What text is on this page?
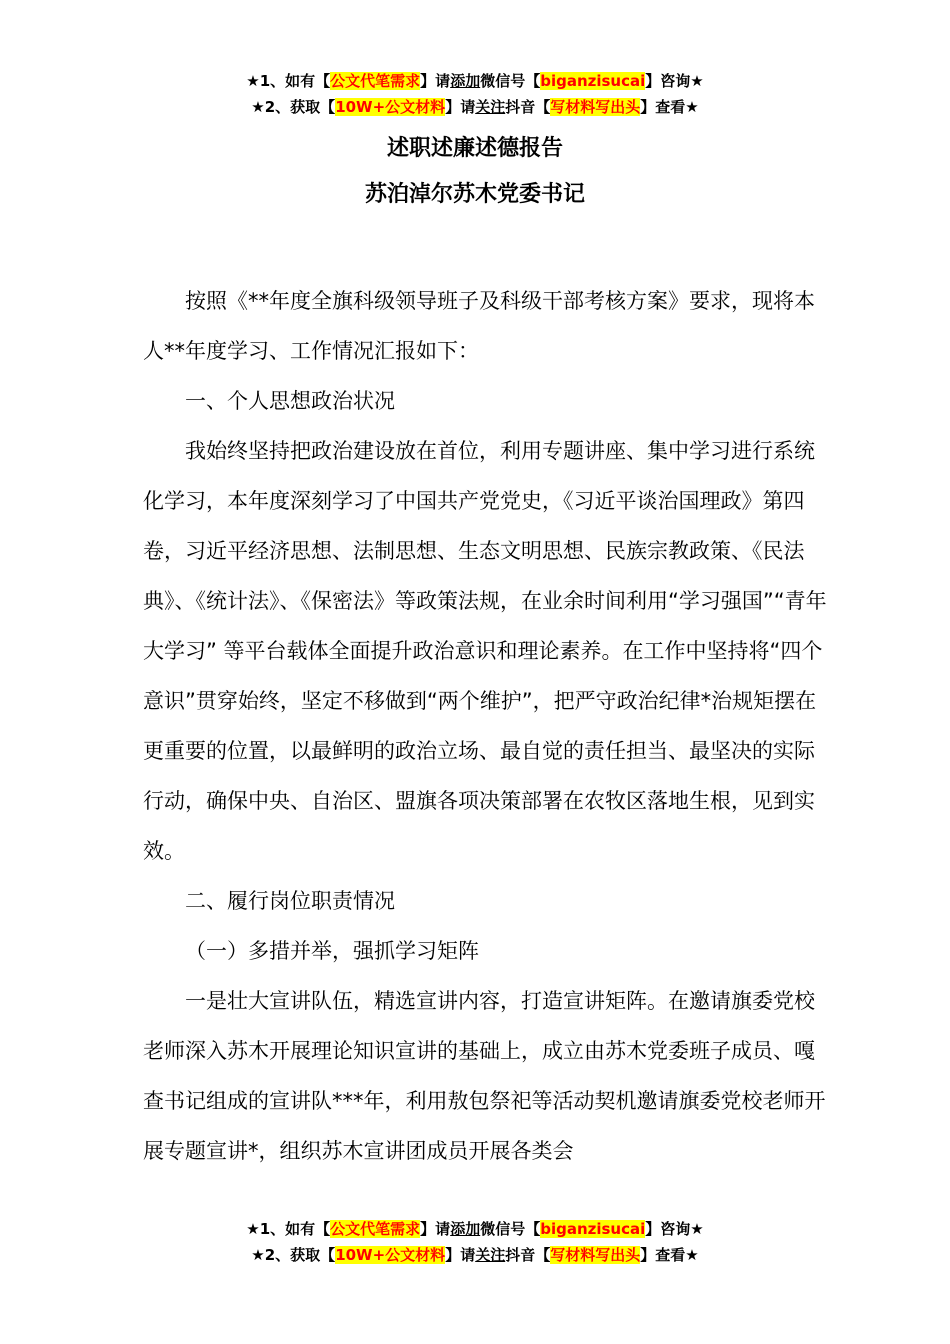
★1、如有【公文代笔需求】请添加微信号【biganzisucai】咨询★
★2、获取【10W+公文材料】请关注抖音【写材料写出头】查看★
述职述廉述德报告
苏泊淖尔苏木党委书记

按照《**年度全旗科级领导班子及科级干部考核方案》要求，现将本人**年度学习、工作情况汇报如下：

一、个人思想政治状况

我始终坚持把政治建设放在首位，利用专题讲座、集中学习进行系统化学习，本年度深刻学习了中国共产党党史，《习近平谈治国理政》第四卷，习近平经济思想、法制思想、生态文明思想、民族宗教政策、《民法典》、《统计法》、《保密法》等政策法规，在业余时间利用“学习强国”“青年大学习” 等平台载体全面提升政治意识和理论素养。在工作中坚持将“四个意识”贯穿始终，坚定不移做到“两个维护”，把严守政治纪律*治规矩摆在更重要的位置，以最鲜明的政治立场、最自觉的责任担当、最坚决的实际行动，确保中央、自治区、盟旗各项决策部署在农牧区落地生根，见到实效。

二、履行岗位职责情况

（一）多措并举，强抓学习矩阵

一是壮大宣讲队伍，精选宣讲内容，打造宣讲矩阵。在邀请旗委党校老师深入苏木开展理论知识宣讲的基础上，成立由苏木党委班子成员、嘎查书记组成的宣讲队***年，利用敖包祭祀等活动契机邀请旗委党校老师开展专题宣讲*，组织苏木宣讲团成员开展各类会

★1、如有【公文代笔需求】请添加微信号【biganzisucai】咨询★
★2、获取【10W+公文材料】请关注抖音【写材料写出头】查看★
